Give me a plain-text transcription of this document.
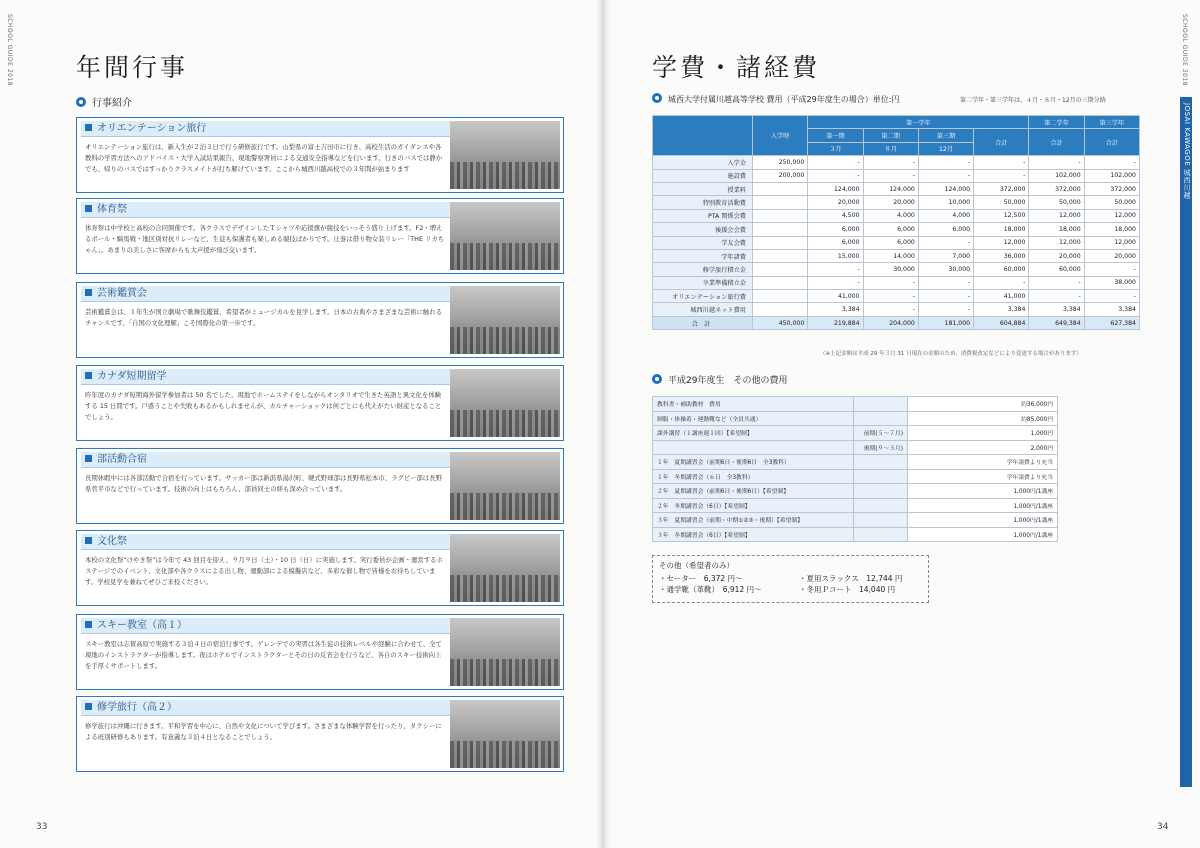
SCHOOL GUIDE 2018	年間行事
行事紹介
オリエンテーション旅行
オリエンテーション旅行は、新入生が２泊３日で行う研修旅行です。山梨県の富士吉田市に行き、高校生活のガイダンスや各教科の学習方法へのアドバイス・大学入試結果報告、現地警察署員による交通安全指導などを行います。行きのバスでは静かでも、帰りのバスではすっかりクラスメイトが打ち解けています。ここから城西川越高校での３年間が始まります
体育祭
体育祭は中学校と高校の合同開催です。各クラスでデザインしたＴシャツや応援旗が競技をいっそう盛り上げます。F2・増えるボール・騎馬戦・地区別対抗リレーなど、生徒も保護者も楽しめる競技ばかりです。圧巻は借り物女装リレー「THE リカちゃん」。あまりの美しさに客席からも大声援が飛び交います。
芸術鑑賞会
芸術鑑賞会は、１年生が国立劇場で歌舞伎鑑賞、希望者がミュージカルを見学します。日本の古典やさまざまな芸術に触れるチャンスです。「自国の文化理解」こそ国際化の第一歩です。
カナダ短期留学
昨年度のカナダ短期海外留学参加者は 50 名でした。現地でホームステイをしながらオンタリオで生きた英語と異文化を体験する 15 日間です。戸惑うことや失敗もあるかもしれませんが、カルチャーショックは何ごとにも代えがたい財産となることでしょう。
部活動合宿
長期休暇中には各部活動で合宿を行っています。サッカー部は新潟県湯沢町、硬式野球部は長野県松本市、ラグビー部は長野県菅平市などで行っています。技術の向上はもちろん、部員同士の絆も深め合っています。
文化祭
本校の文化祭“けやき祭”は今年で 43 回目を迎え、９月９日（土）・10 日（日）に実施します。実行委員が企画・運営するホステージでのイベント、文化部や各クラスによる出し物、運動部による模擬店など、多彩な催し物で皆様をお待ちしています。学校見学を兼ねてぜひご来校ください。
スキー教室（高１）
スキー教室は志賀高原で実施する３泊４日の宿泊行事です。ゲレンデでの実習は各生徒の技術レベルや経験に合わせて、全て現地のインストラクターが指導します。夜はホテルでインストラクターとその日の反省会を行うなど、各自のスキー技術向上を手厚くサポートします。
修学旅行（高２）
修学旅行は沖縄に行きます。平和学習を中心に、自然や文化について学びます。さまざまな体験学習を行ったり、タクシーによる班別研修もあります。有意義な３泊４日となることでしょう。
33
SCHOOL GUIDE 2018
JOSAI KAWAGOE 城西川越
学費・諸経費
城西大学付属川越高等学校 費用（平成29年度生の場合）単位:円	第二学年・第三学年は、４月・８月・12月の三期分納
	入学時	第一学年				第二学年	第三学年
		第一期	第二期	第三期	合計	合計	合計
		３月	８月	12月			
入学金	250,000	-	-	-	-	-	-
施設費	200,000	-	-	-	-	102,000	102,000
授業料		124,000	124,000	124,000	372,000	372,000	372,000
特別教育活動費		20,000	20,000	10,000	50,000	50,000	50,000
PTA 関係会費		4,500	4,000	4,000	12,500	12,000	12,000
後援会会費		6,000	6,000	6,000	18,000	18,000	18,000
学友会費		6,000	6,000	-	12,000	12,000	12,000
学年諸費		15,000	14,000	7,000	36,000	20,000	20,000
修学旅行積立金		-	30,000	30,000	60,000	60,000	-
卒業準備積立金		-	-	-	-	-	38,000
オリエンテーション旅行費		41,000	-	-	41,000	-	-
城西川越ネット費用		3,384	-	-	3,384	3,384	3,384
合　計	450,000	219,884	204,000	181,000	604,884	649,384	627,384
（※上記金額は平成 29 年３月 31 日現在の金額のため、消費税改定などにより変更する場合があります）
平成29年度生　その他の費用
教科書・補助教材　費用		約36,000円
制服・体操着・運動靴など（全員共通）		約85,000円
課外講習（１講座週１回）【希望制】	前期(５〜７月)	1,000円
	後期(９〜３月)	2,000円
１年　夏期講習会（前期6日・後期6日　全3教科）		学年諸費より充当
１年　冬期講習会（６日　全3教科）		学年諸費より充当
２年　夏期講習会（前期6日・後期6日）【希望制】		1,000円/1講座
２年　冬期講習会（6日）【希望制】		1,000円/1講座
３年　夏期講習会（前期・中期①②③・後期）【希望制】		1,000円/1講座
３年　冬期講習会（6日）【希望制】		1,000円/1講座
その他（希望者のみ）
・セーター　6,372 円〜	・夏用スラックス　12,744 円
・通学靴（革靴）　6,912 円〜	・冬用Ｐコート　14,040 円
34
